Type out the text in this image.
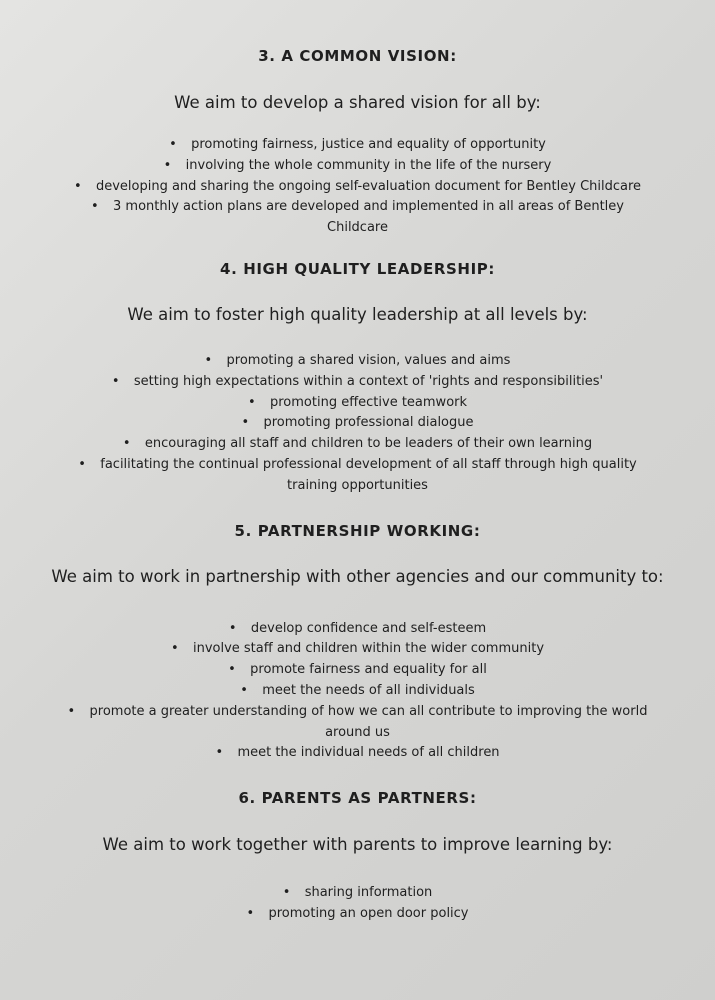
3. A COMMON VISION:

We aim to develop a shared vision for all by:

• promoting fairness, justice and equality of opportunity
• involving the whole community in the life of the nursery
• developing and sharing the ongoing self-evaluation document for Bentley Childcare
• 3 monthly action plans are developed and implemented in all areas of Bentley Childcare
4. HIGH QUALITY LEADERSHIP:

We aim to foster high quality leadership at all levels by:

• promoting a shared vision, values and aims
• setting high expectations within a context of 'rights and responsibilities'
• promoting effective teamwork
• promoting professional dialogue
• encouraging all staff and children to be leaders of their own learning
• facilitating the continual professional development of all staff through high quality training opportunities
5. PARTNERSHIP WORKING:

We aim to work in partnership with other agencies and our community to:

• develop confidence and self-esteem
• involve staff and children within the wider community
• promote fairness and equality for all
• meet the needs of all individuals
• promote a greater understanding of how we can all contribute to improving the world around us
• meet the individual needs of all children
6. PARENTS AS PARTNERS:

We aim to work together with parents to improve learning by:

• sharing information
• promoting an open door policy
